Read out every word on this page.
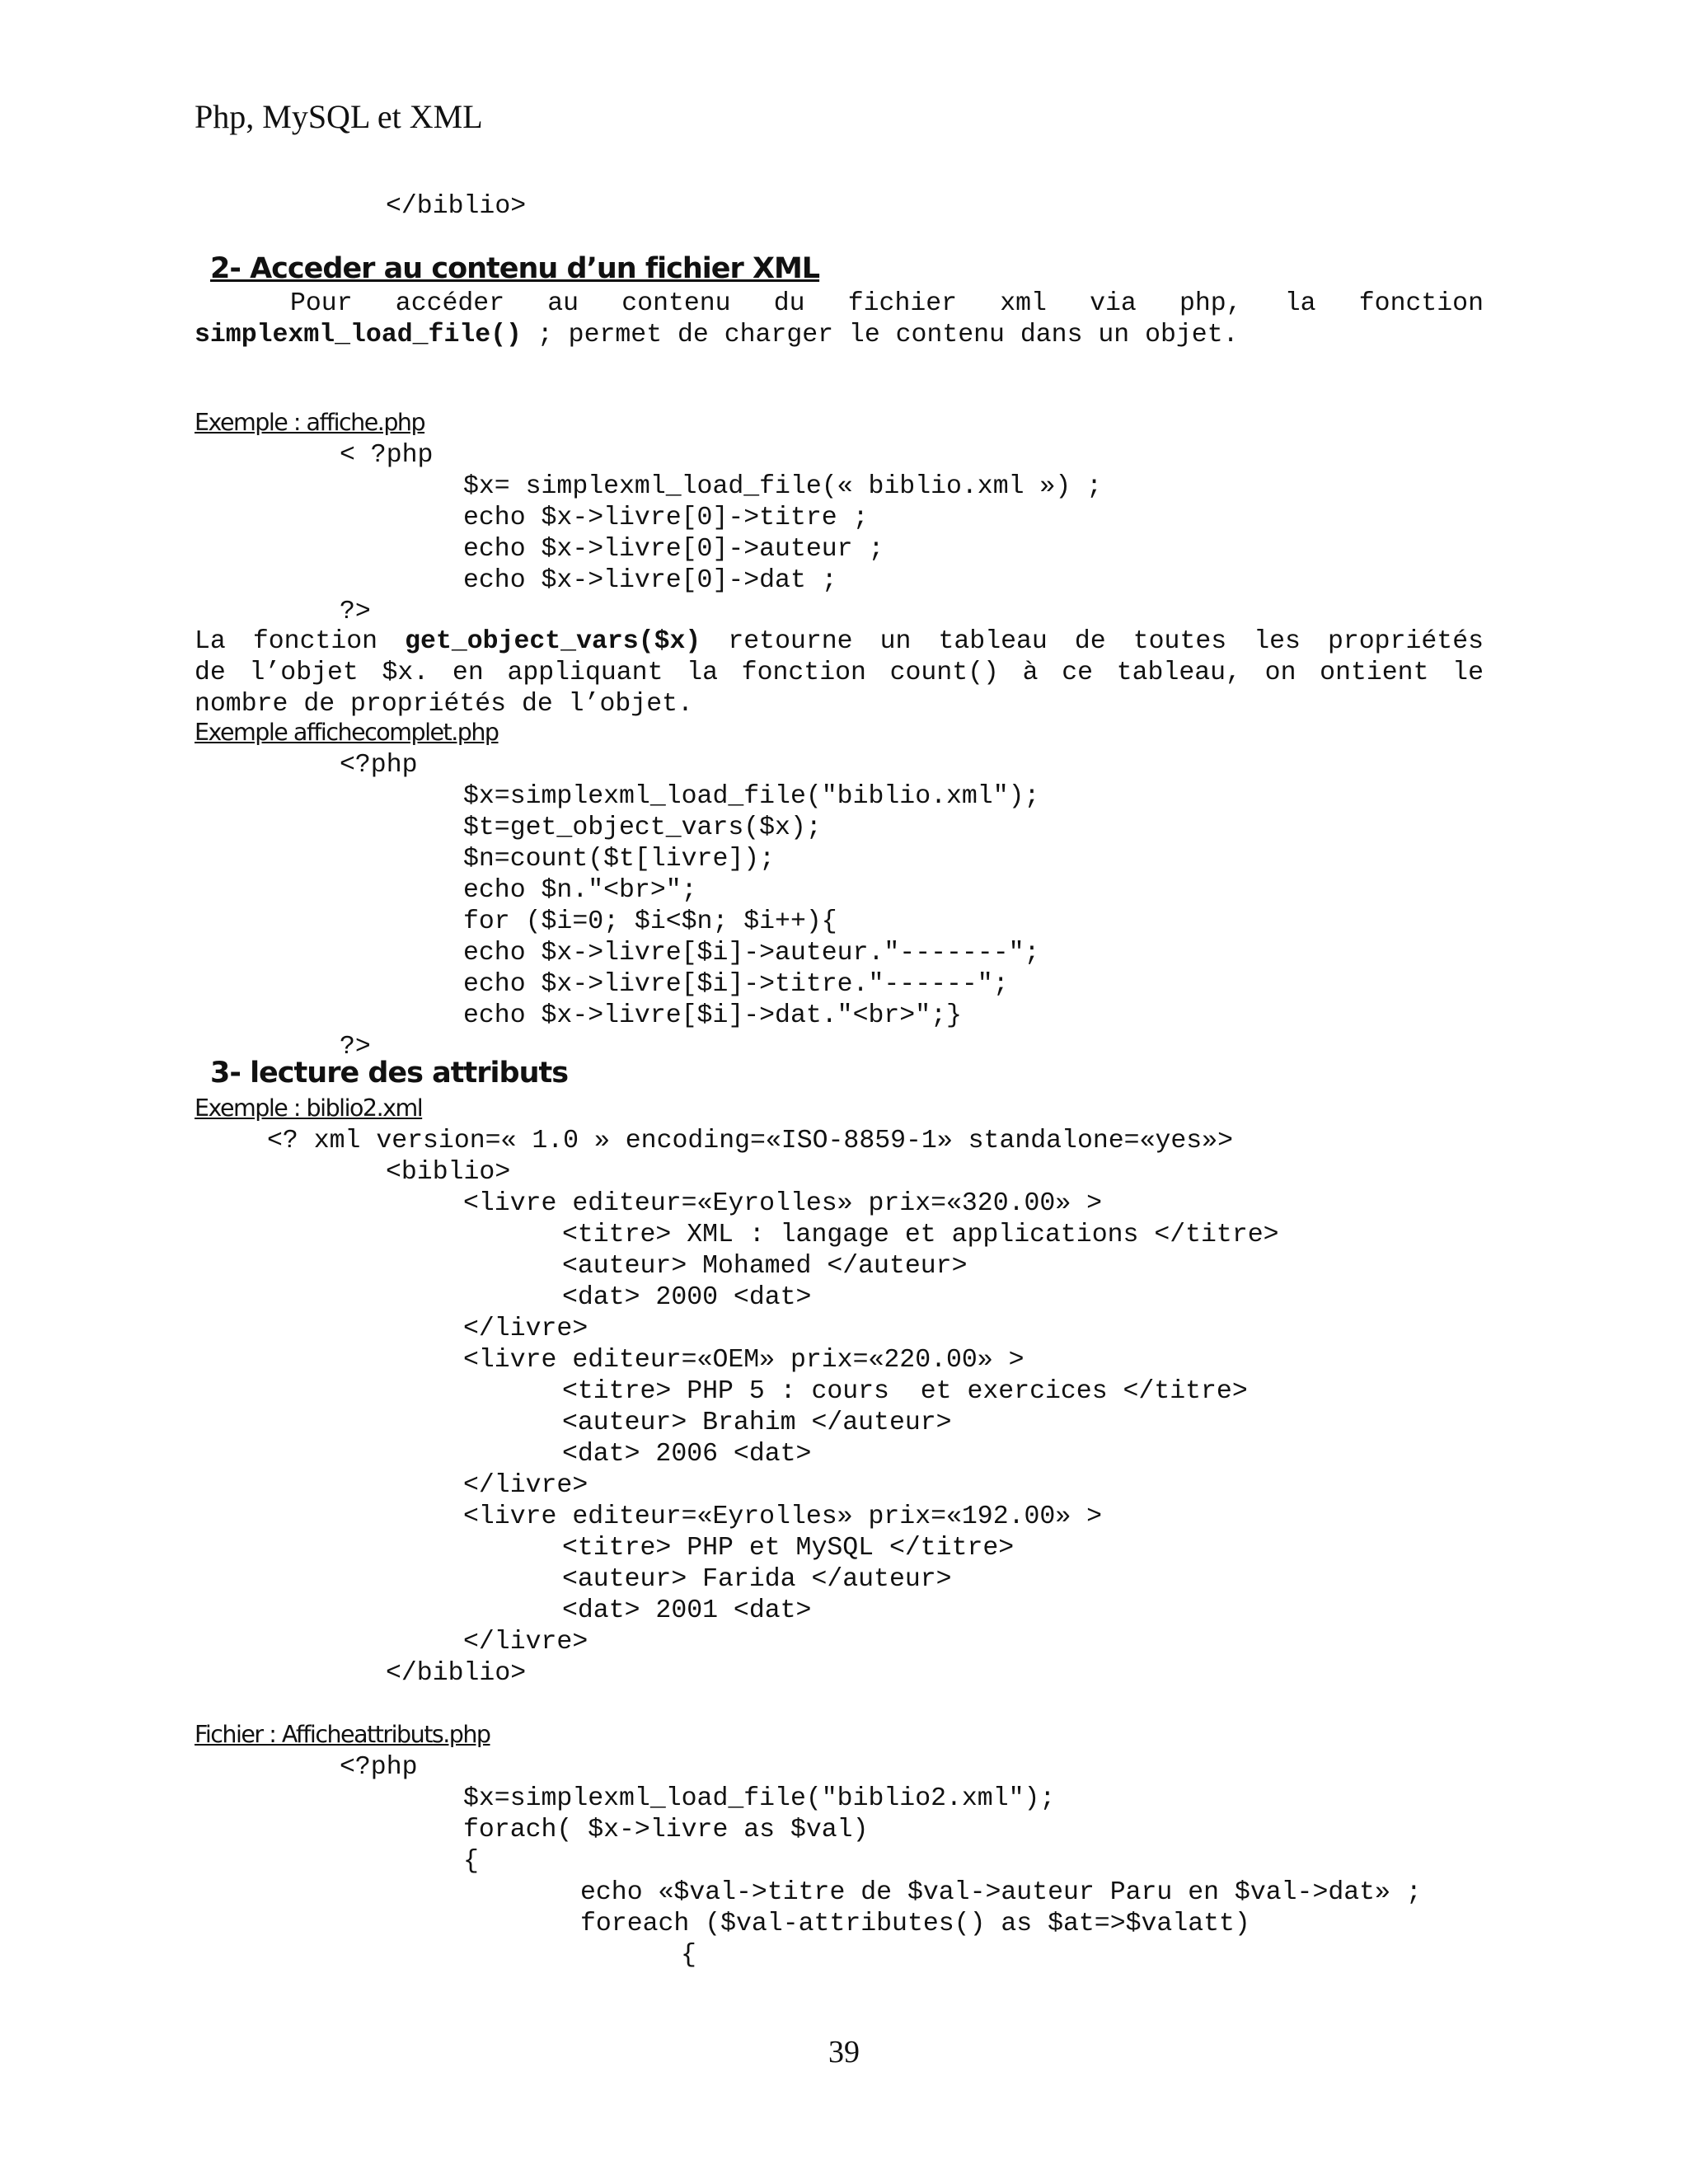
Php, MySQL et XML
</biblio>
2- Acceder au contenu d’un fichier XML
Pour accéder au contenu du fichier xml via php, la fonction
simplexml_load_file() ; permet de charger le contenu dans un objet.
Exemple : affiche.php
< ?php
$x= simplexml_load_file(« biblio.xml ») ;
echo $x->livre[0]->titre ;
echo $x->livre[0]->auteur ;
echo $x->livre[0]->dat ;
?>
La fonction get_object_vars($x) retourne un tableau de toutes les propriétés
de l’objet $x. en appliquant la fonction count() à ce tableau, on ontient le
nombre de propriétés de l’objet.
Exemple affichecomplet.php
<?php
$x=simplexml_load_file("biblio.xml");
$t=get_object_vars($x);
$n=count($t[livre]);
echo $n."<br>";
for ($i=0; $i<$n; $i++){
echo $x->livre[$i]->auteur."-------";
echo $x->livre[$i]->titre."------";
echo $x->livre[$i]->dat."<br>";}
?>
3- lecture des attributs
Exemple : biblio2.xml
<? xml version=« 1.0 » encoding=«ISO-8859-1» standalone=«yes»>
<biblio>
<livre editeur=«Eyrolles» prix=«320.00» >
<titre> XML : langage et applications </titre>
<auteur> Mohamed </auteur>
<dat> 2000 <dat>
</livre>
<livre editeur=«OEM» prix=«220.00» >
<titre> PHP 5 : cours  et exercices </titre>
<auteur> Brahim </auteur>
<dat> 2006 <dat>
</livre>
<livre editeur=«Eyrolles» prix=«192.00» >
<titre> PHP et MySQL </titre>
<auteur> Farida </auteur>
<dat> 2001 <dat>
</livre>
</biblio>
Fichier : Afficheattributs.php
<?php
$x=simplexml_load_file("biblio2.xml");
forach( $x->livre as $val)
{
echo «$val->titre de $val->auteur Paru en $val->dat» ;
foreach ($val-attributes() as $at=>$valatt)
{
39
